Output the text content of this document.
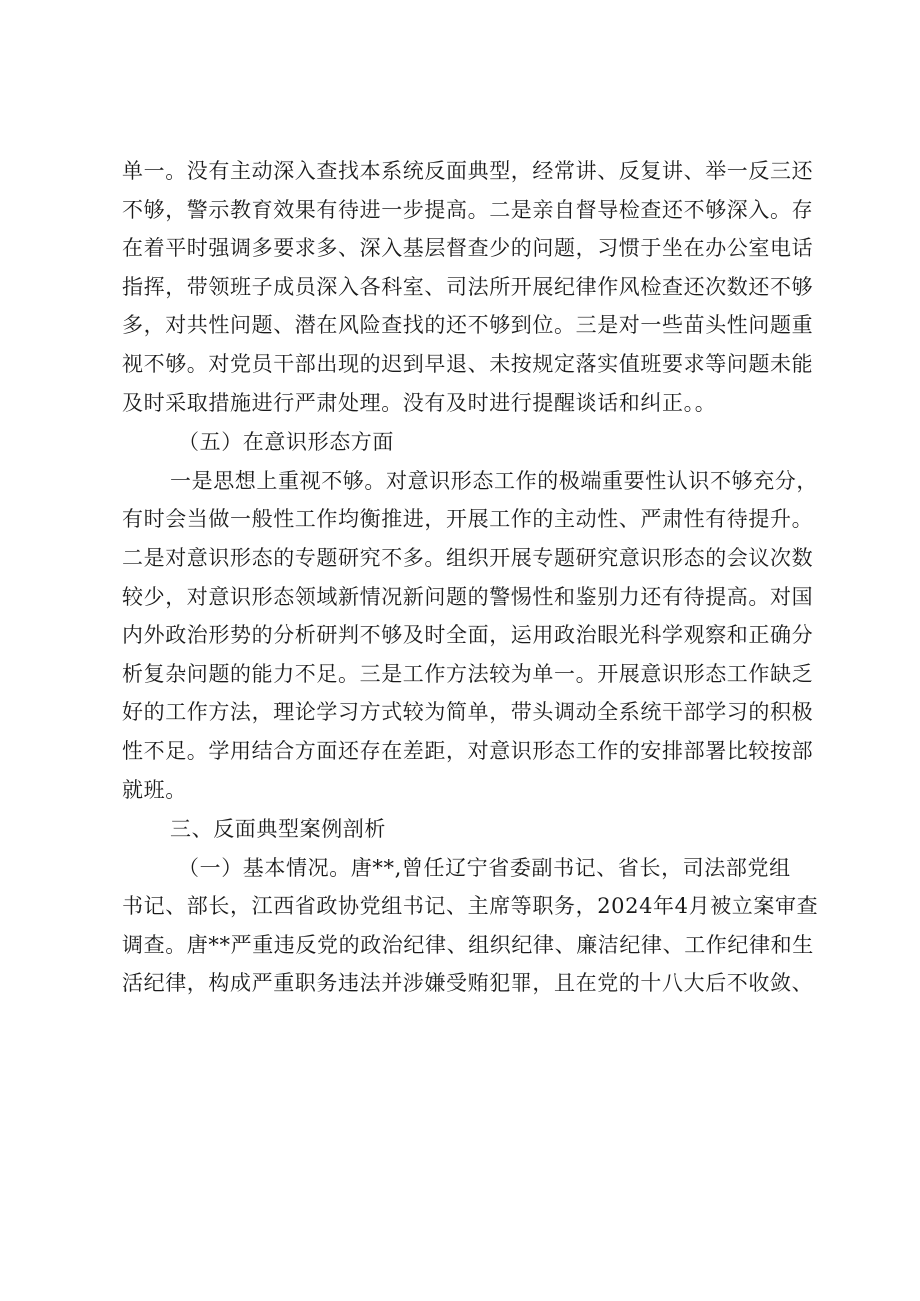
单一。没有主动深入查找本系统反面典型，经常讲、反复讲、举一反三还
不够，警示教育效果有待进一步提高。二是亲自督导检查还不够深入。存
在着平时强调多要求多、深入基层督查少的问题，习惯于坐在办公室电话
指挥，带领班子成员深入各科室、司法所开展纪律作风检查还次数还不够
多，对共性问题、潜在风险查找的还不够到位。三是对一些苗头性问题重
视不够。对党员干部出现的迟到早退、未按规定落实值班要求等问题未能
及时采取措施进行严肃处理。没有及时进行提醒谈话和纠正。。
（五）在意识形态方面
一是思想上重视不够。对意识形态工作的极端重要性认识不够充分，
有时会当做一般性工作均衡推进，开展工作的主动性、严肃性有待提升。
二是对意识形态的专题研究不多。组织开展专题研究意识形态的会议次数
较少，对意识形态领域新情况新问题的警惕性和鉴别力还有待提高。对国
内外政治形势的分析研判不够及时全面，运用政治眼光科学观察和正确分
析复杂问题的能力不足。三是工作方法较为单一。开展意识形态工作缺乏
好的工作方法，理论学习方式较为简单，带头调动全系统干部学习的积极
性不足。学用结合方面还存在差距，对意识形态工作的安排部署比较按部
就班。
三、反面典型案例剖析
（一）基本情况。唐**,曾任辽宁省委副书记、省长，司法部党组
书记、部长，江西省政协党组书记、主席等职务，2024年4月被立案审查
调查。唐**严重违反党的政治纪律、组织纪律、廉洁纪律、工作纪律和生
活纪律，构成严重职务违法并涉嫌受贿犯罪，且在党的十八大后不收敛、
